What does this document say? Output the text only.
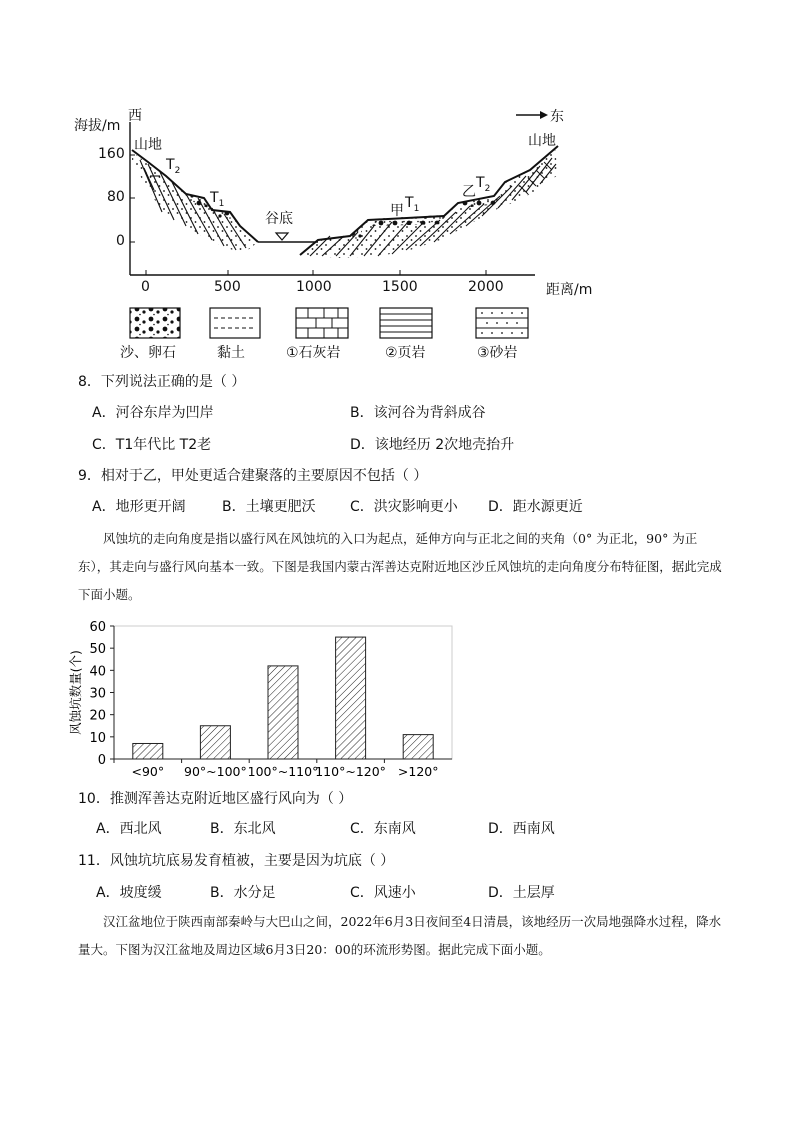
西	东
海拔/m
160
80
0
0	500	1000	1500	2000	距离/m
山地	山地
谷底
$T_2$
$T_1$	甲 $T_1$
乙
$T_2$
沙、卵石	黏土	①石灰岩	②页岩	③砂岩
8．下列说法正确的是（ ）
A．河谷东岸为凹岸	B．该河谷为背斜成谷
C．T1年代比 T2老	D．该地经历 2次地壳抬升
9．相对于乙，甲处更适合建聚落的主要原因不包括（ ）
A．地形更开阔	B．土壤更肥沃 C．洪灾影响更小 D．距水源更近
风蚀坑的走向角度是指以盛行风在风蚀坑的入口为起点，延伸方向与正北之间的夹角（0° 为正北，90° 为正东），其走向与盛行风向基本一致。下图是我国内蒙古浑善达克附近地区沙丘风蚀坑的走向角度分布特征图，据此完成下面小题。
0
10
20
30
40
50
60
风蚀坑数量(个)
<90° 90°~100° 100°~110°
110°~120° >120°
10．推测浑善达克附近地区盛行风向为（ ）
A．西北风	B．东北风	C．东南风	D．西南风
11．风蚀坑坑底易发育植被，主要是因为坑底（ ）
A．坡度缓	B．水分足	C．风速小	D．土层厚
汉江盆地位于陕西南部秦岭与大巴山之间，2022年6月3日夜间至4日清晨，该地经历一次局地强降水过程，降水量大。下图为汉江盆地及周边区域6月3日20：00的环流形势图。据此完成下面小题。
